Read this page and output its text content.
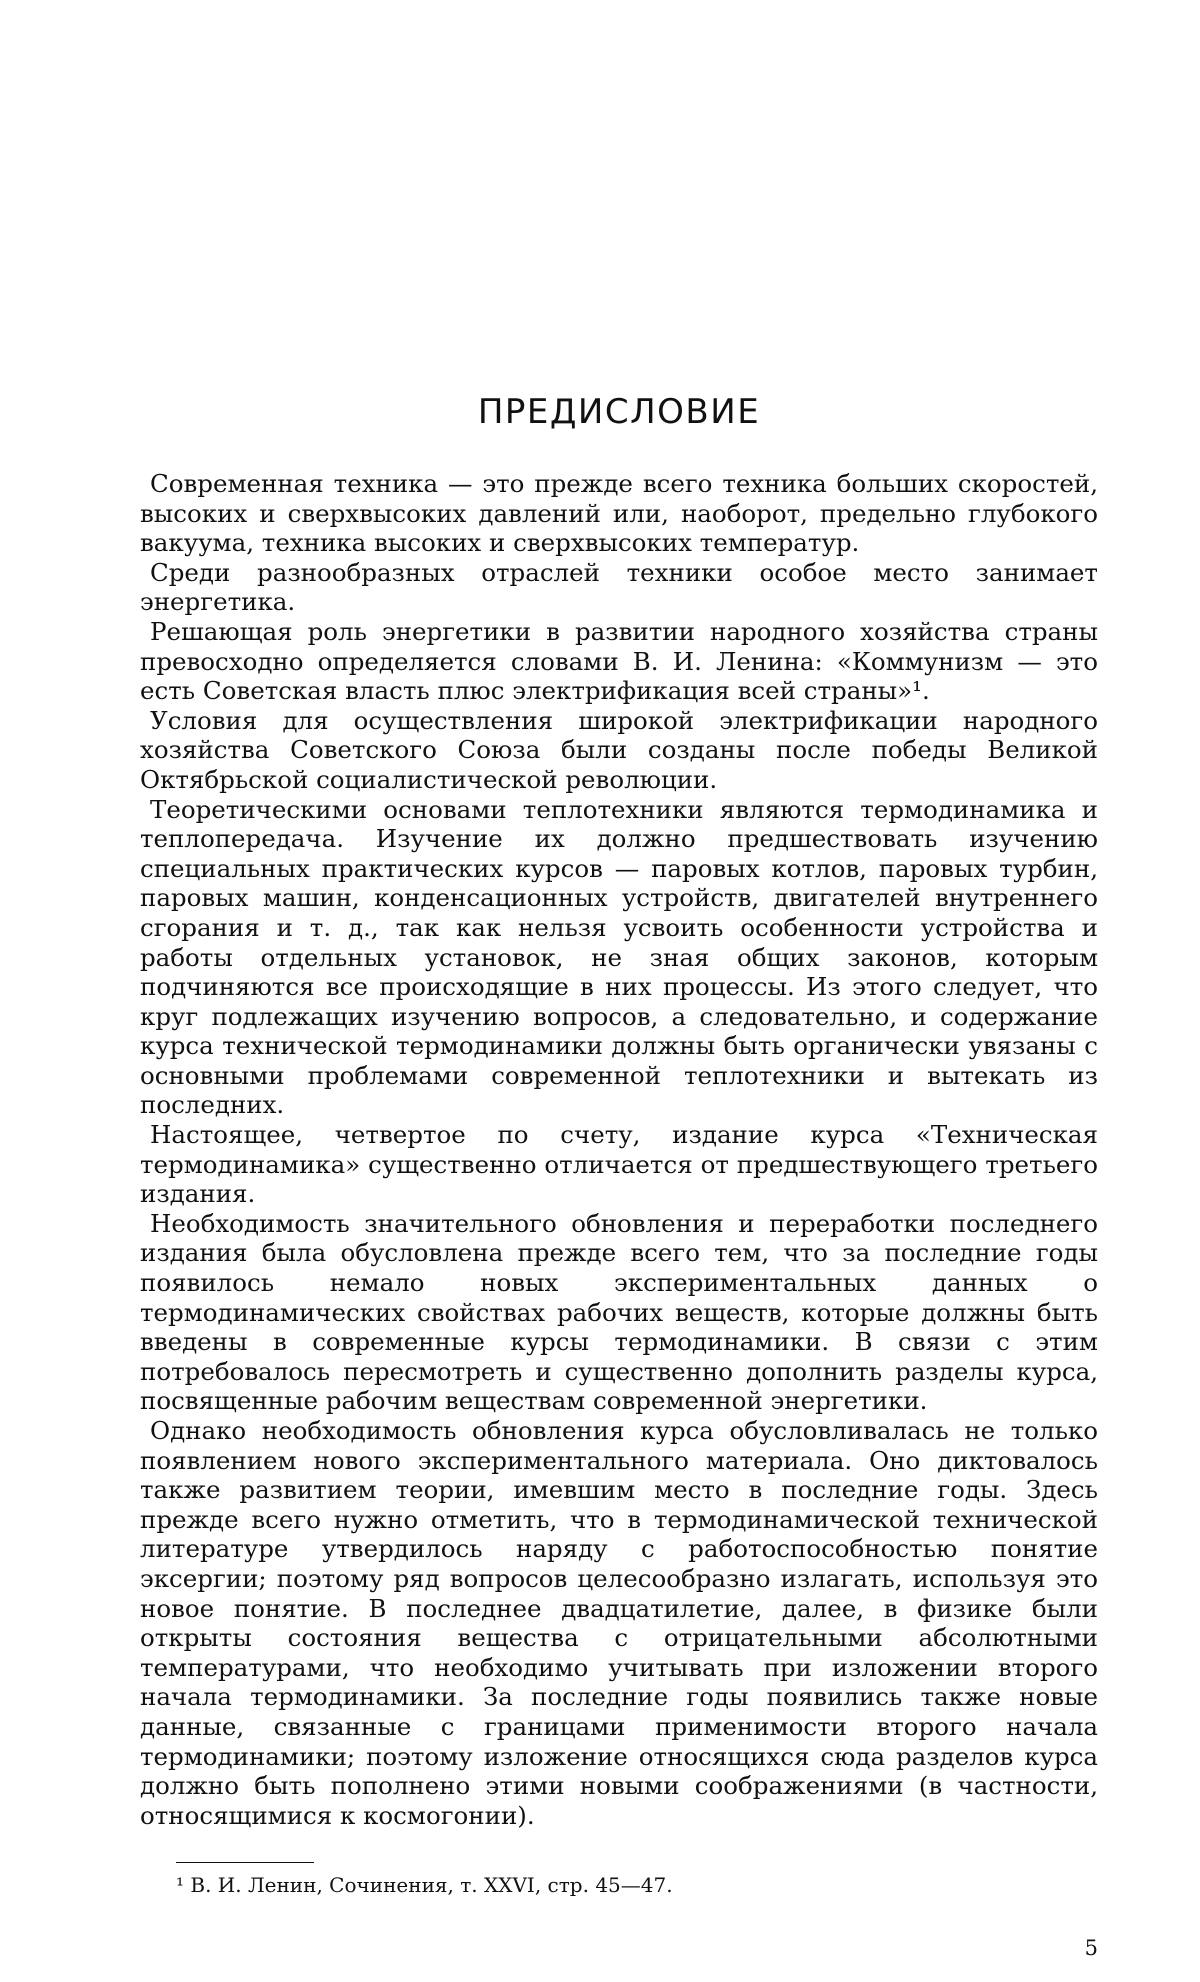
ПРЕДИСЛОВИЕ

Современная техника — это прежде всего техника больших скоростей, высоких и сверхвысоких давлений или, наоборот, предельно глубокого вакуума, техника высоких и сверхвысоких температур.

Среди разнообразных отраслей техники особое место занимает энергетика.

Решающая роль энергетики в развитии народного хозяйства страны превосходно определяется словами В. И. Ленина: «Коммунизм — это есть Советская власть плюс электрификация всей страны»¹.

Условия для осуществления широкой электрификации народного хозяйства Советского Союза были созданы после победы Великой Октябрьской социалистической революции.

Теоретическими основами теплотехники являются термодинамика и теплопередача. Изучение их должно предшествовать изучению специальных практических курсов — паровых котлов, паровых турбин, паровых машин, конденсационных устройств, двигателей внутреннего сгорания и т. д., так как нельзя усвоить особенности устройства и работы отдельных установок, не зная общих законов, которым подчиняются все происходящие в них процессы. Из этого следует, что круг подлежащих изучению вопросов, а следовательно, и содержание курса технической термодинамики должны быть органически увязаны с основными проблемами современной теплотехники и вытекать из последних.

Настоящее, четвертое по счету, издание курса «Техническая термодинамика» существенно отличается от предшествующего третьего издания.

Необходимость значительного обновления и переработки последнего издания была обусловлена прежде всего тем, что за последние годы появилось немало новых экспериментальных данных о термодинамических свойствах рабочих веществ, которые должны быть введены в современные курсы термодинамики. В связи с этим потребовалось пересмотреть и существенно дополнить разделы курса, посвященные рабочим веществам современной энергетики.

Однако необходимость обновления курса обусловливалась не только появлением нового экспериментального материала. Оно диктовалось также развитием теории, имевшим место в последние годы. Здесь прежде всего нужно отметить, что в термодинамической технической литературе утвердилось наряду с работоспособностью понятие эксергии; поэтому ряд вопросов целесообразно излагать, используя это новое понятие. В последнее двадцатилетие, далее, в физике были открыты состояния вещества с отрицательными абсолютными температурами, что необходимо учитывать при изложении второго начала термодинамики. За последние годы появились также новые данные, связанные с границами применимости второго начала термодинамики; поэтому изложение относящихся сюда разделов курса должно быть пополнено этими новыми соображениями (в частности, относящимися к космогонии).

¹ В. И. Ленин, Сочинения, т. XXVI, стр. 45—47.

5
